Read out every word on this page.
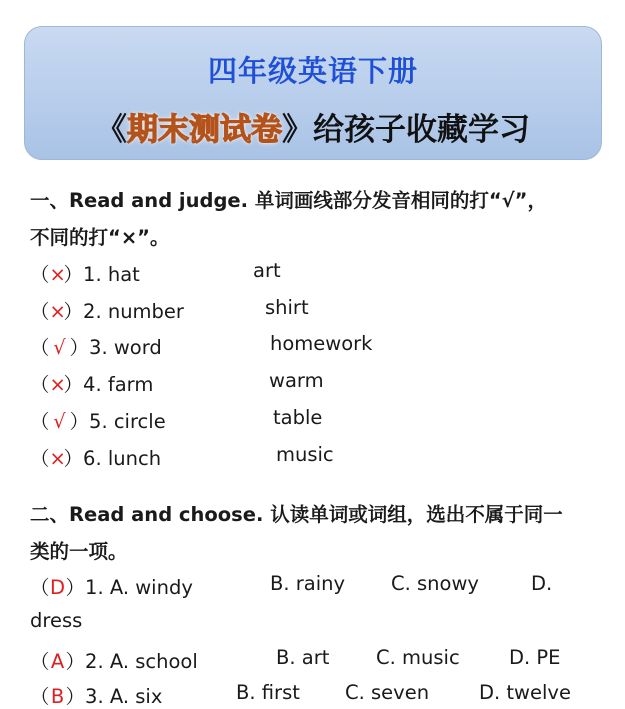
四年级英语下册
《期末测试卷》给孩子收藏学习
一、Read and judge. 单词画线部分发音相同的打“√”，
不同的打“×”。
（×）1. hat	art
（×）2. number	shirt
（ √ ）3. word	homework
（×）4. farm	warm
（ √ ）5. circle	table
（×）6. lunch	music
二、Read and choose. 认读单词或词组，选出不属于同一
类的一项。
（D）1. A. windy	B. rainy C. snowy	D.
dress
（A）2. A. school	B. art C. music	D. PE
（B）3. A. six	B. first C. seven	D. twelve
